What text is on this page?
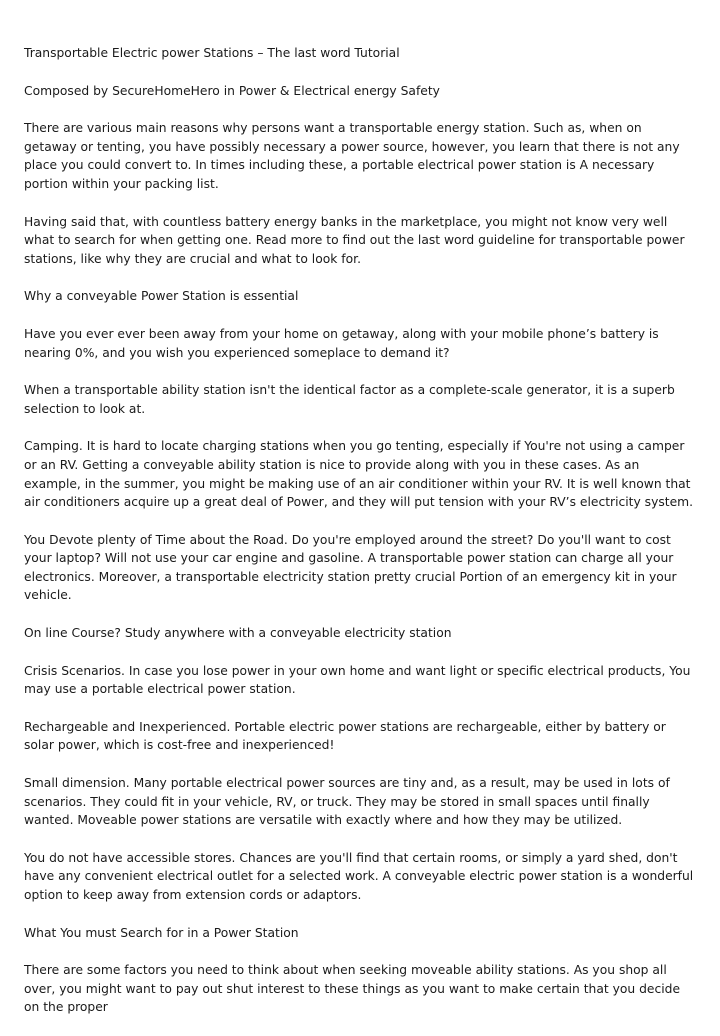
Transportable Electric power Stations – The last word Tutorial

Composed by SecureHomeHero in Power & Electrical energy Safety

There are various main reasons why persons want a transportable energy station. Such as, when on getaway or tenting, you have possibly necessary a power source, however, you learn that there is not any place you could convert to. In times including these, a portable electrical power station is A necessary portion within your packing list.

Having said that, with countless battery energy banks in the marketplace, you might not know very well what to search for when getting one. Read more to find out the last word guideline for transportable power stations, like why they are crucial and what to look for.

Why a conveyable Power Station is essential

Have you ever ever been away from your home on getaway, along with your mobile phone’s battery is nearing 0%, and you wish you experienced someplace to demand it?

When a transportable ability station isn't the identical factor as a complete-scale generator, it is a superb selection to look at.

Camping. It is hard to locate charging stations when you go tenting, especially if You're not using a camper or an RV. Getting a conveyable ability station is nice to provide along with you in these cases. As an example, in the summer, you might be making use of an air conditioner within your RV. It is well known that air conditioners acquire up a great deal of Power, and they will put tension with your RV’s electricity system.

You Devote plenty of Time about the Road. Do you're employed around the street? Do you'll want to cost your laptop? Will not use your car engine and gasoline. A transportable power station can charge all your electronics. Moreover, a transportable electricity station pretty crucial Portion of an emergency kit in your vehicle.

On line Course? Study anywhere with a conveyable electricity station

Crisis Scenarios. In case you lose power in your own home and want light or specific electrical products, You may use a portable electrical power station.

Rechargeable and Inexperienced. Portable electric power stations are rechargeable, either by battery or solar power, which is cost-free and inexperienced!

Small dimension. Many portable electrical power sources are tiny and, as a result, may be used in lots of scenarios. They could fit in your vehicle, RV, or truck. They may be stored in small spaces until finally wanted. Moveable power stations are versatile with exactly where and how they may be utilized.

You do not have accessible stores. Chances are you'll find that certain rooms, or simply a yard shed, don't have any convenient electrical outlet for a selected work. A conveyable electric power station is a wonderful option to keep away from extension cords or adaptors.

What You must Search for in a Power Station

There are some factors you need to think about when seeking moveable ability stations. As you shop all over, you might want to pay out shut interest to these things as you want to make certain that you decide on the proper
